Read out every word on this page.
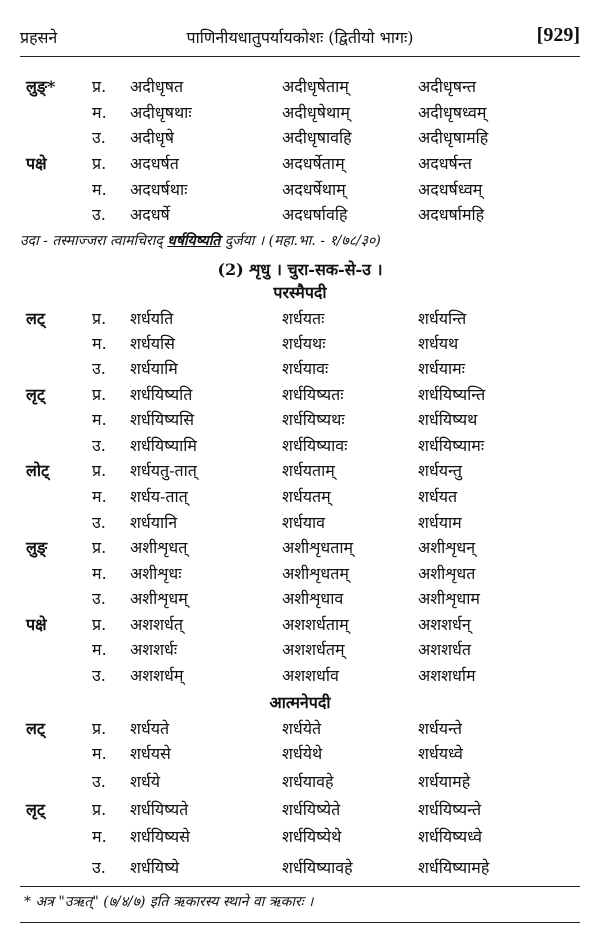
प्रहसने	पाणिनीयधातुपर्यायकोशः (द्वितीयो भागः)	[929]
लुङ्* प्र. अदीधृषत	अदीधृषेताम्	अदीधृषन्त
म. अदीधृषथाः	अदीधृषेथाम्	अदीधृषध्वम्
उ. अदीधृषे	अदीधृषावहि	अदीधृषामहि
पक्षे	प्र. अदधर्षत	अदधर्षेताम्	अदधर्षन्त
म. अदधर्षथाः	अदधर्षेथाम्	अदधर्षध्वम्
उ. अदधर्षे	अदधर्षावहि	अदधर्षामहि
उदा - तस्माज्जरा त्वामचिराद् धर्षयिष्यति दुर्जया । (महा.भा. - १/७८/३०)
(2) शृधु । चुरा-सक-से-उ ।
परस्मैपदी
लट्	प्र. शर्धयति	शर्धयतः	शर्धयन्ति
म. शर्धयसि	शर्धयथः	शर्धयथ
उ. शर्धयामि	शर्धयावः	शर्धयामः
लृट्	प्र. शर्धयिष्यति	शर्धयिष्यतः	शर्धयिष्यन्ति
म. शर्धयिष्यसि	शर्धयिष्यथः	शर्धयिष्यथ
उ. शर्धयिष्यामि	शर्धयिष्यावः	शर्धयिष्यामः
लोट्	प्र. शर्धयतु-तात्	शर्धयताम्	शर्धयन्तु
म. शर्धय-तात्	शर्धयतम्	शर्धयत
उ. शर्धयानि	शर्धयाव	शर्धयाम
लुङ्	प्र. अशीशृधत्	अशीशृधताम्	अशीशृधन्
म. अशीशृधः	अशीशृधतम्	अशीशृधत
उ. अशीशृधम्	अशीशृधाव	अशीशृधाम
पक्षे	प्र. अशशर्धत्	अशशर्धताम्	अशशर्धन्
म. अशशर्धः	अशशर्धतम्	अशशर्धत
उ. अशशर्धम्	अशशर्धाव	अशशर्धाम
आत्मनेपदी
लट्	प्र. शर्धयते	शर्धयेते	शर्धयन्ते
म. शर्धयसे	शर्धयेथे	शर्धयध्वे
उ. शर्धये	शर्धयावहे	शर्धयामहे
लृट्	प्र. शर्धयिष्यते	शर्धयिष्येते	शर्धयिष्यन्ते
म. शर्धयिष्यसे	शर्धयिष्येथे	शर्धयिष्यध्वे
उ. शर्धयिष्ये	शर्धयिष्यावहे	शर्धयिष्यामहे
* अत्र "उऋत्" (७/४/७) इति ऋकारस्य स्थाने वा ऋकारः ।
